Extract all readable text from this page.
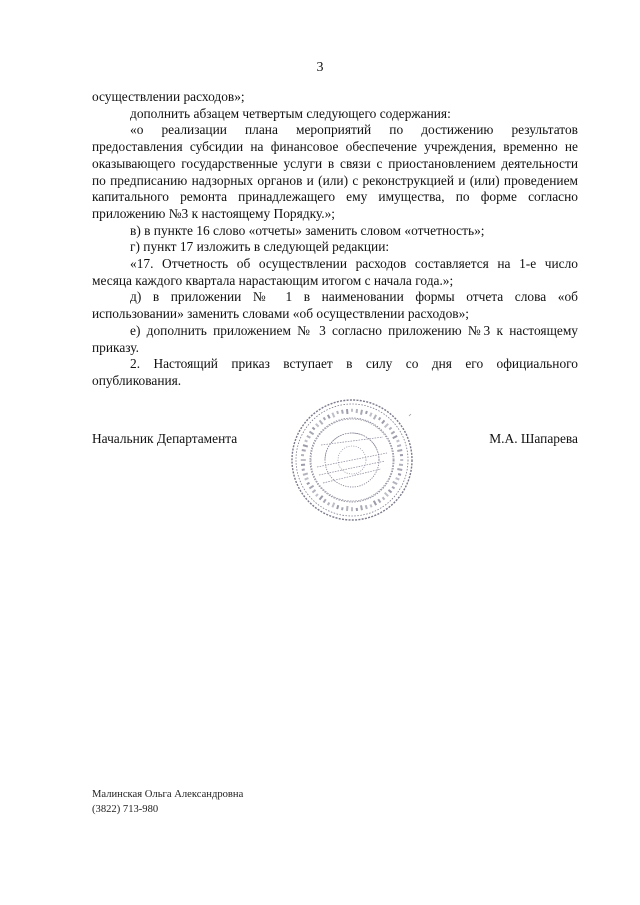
3

осуществлении расходов»;

дополнить абзацем четвертым следующего содержания:

«о реализации плана мероприятий по достижению результатов предоставления субсидии на финансовое обеспечение учреждения, временно не оказывающего государственные услуги в связи с приостановлением деятельности по предписанию надзорных органов и (или) с реконструкцией и (или) проведением капитального ремонта принадлежащего ему имущества, по форме согласно приложению №3 к настоящему Порядку.»;

в) в пункте 16 слово «отчеты» заменить словом «отчетность»;

г) пункт 17 изложить в следующей редакции:

«17. Отчетность об осуществлении расходов составляется на 1-е число месяца каждого квартала нарастающим итогом с начала года.»;

д) в приложении № 1 в наименовании формы отчета слова «об использовании» заменить словами «об осуществлении расходов»;

е) дополнить приложением № 3 согласно приложению №3 к настоящему приказу.

2. Настоящий приказ вступает в силу со дня его официального опубликования.

Начальник Департамента	М.А. Шапарева
Малинская Ольга Александровна
(3822) 713-980
